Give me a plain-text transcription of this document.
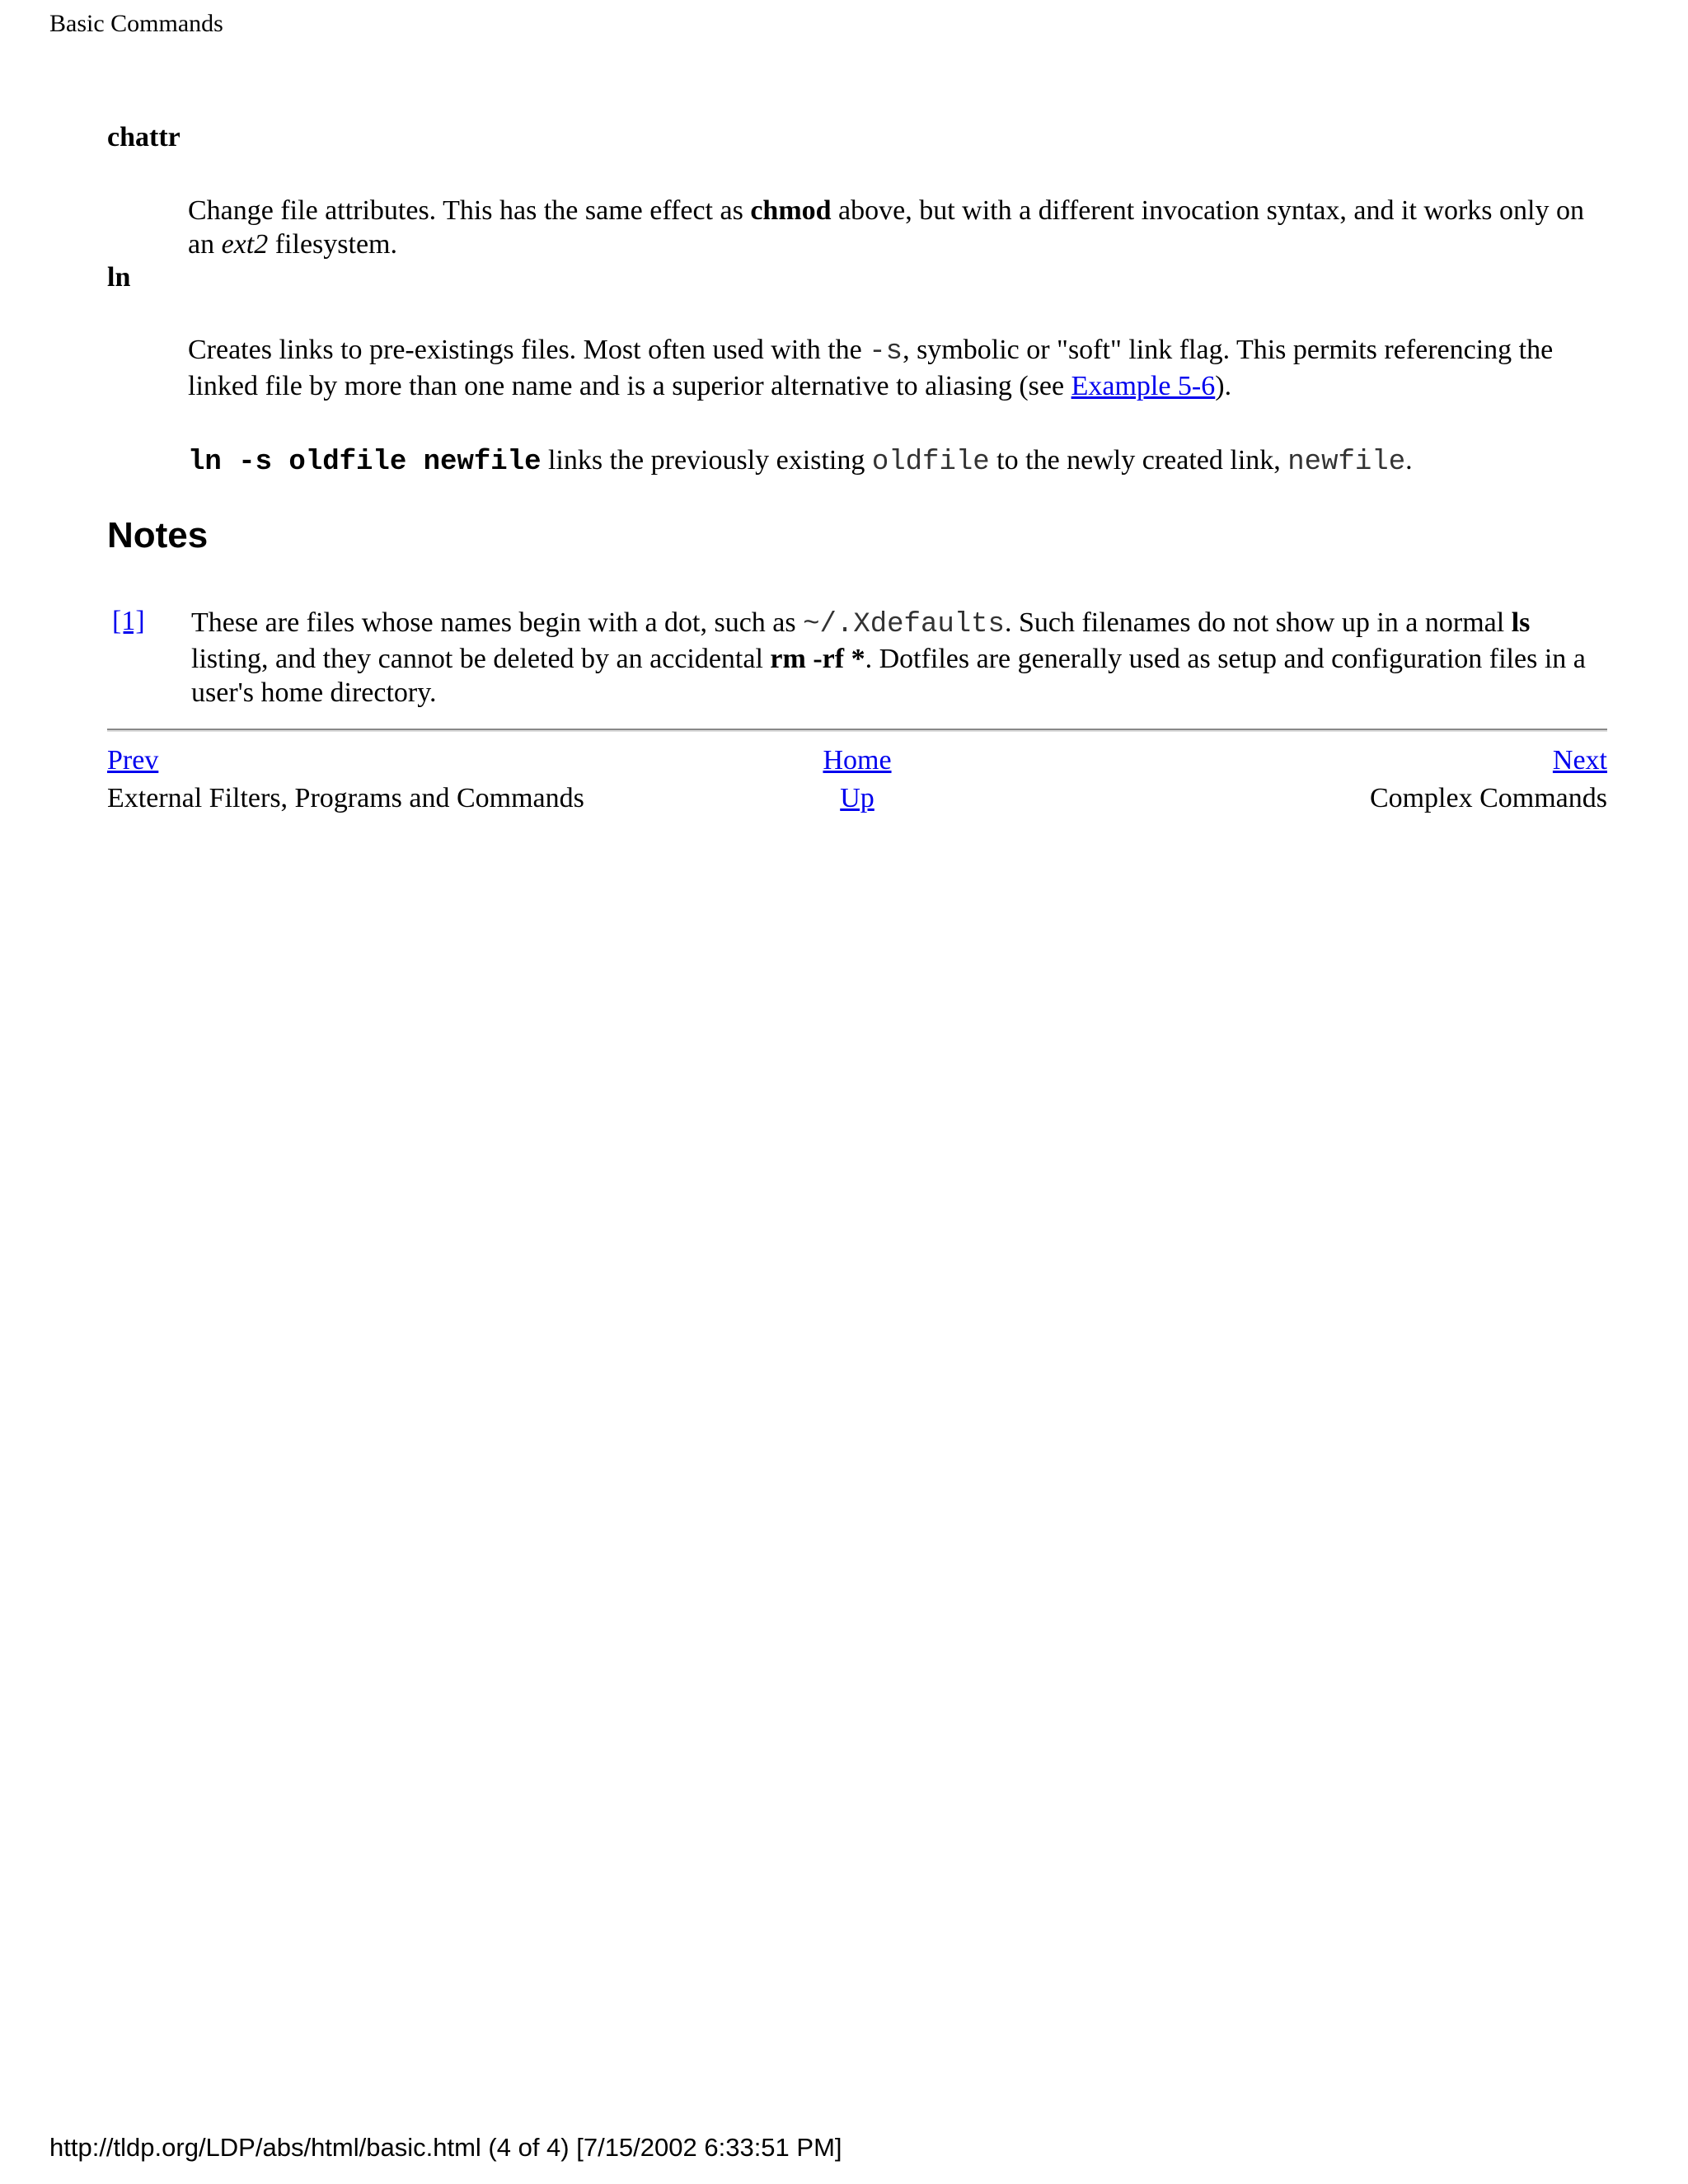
Basic Commands
chattr
Change file attributes. This has the same effect as chmod above, but with a different invocation syntax, and it works only on an ext2 filesystem.
ln
Creates links to pre-existings files. Most often used with the -s, symbolic or "soft" link flag. This permits referencing the linked file by more than one name and is a superior alternative to aliasing (see Example 5-6).
ln -s oldfile newfile links the previously existing oldfile to the newly created link, newfile.
Notes
[1] These are files whose names begin with a dot, such as ~/.Xdefaults. Such filenames do not show up in a normal ls listing, and they cannot be deleted by an accidental rm -rf *. Dotfiles are generally used as setup and configuration files in a user's home directory.
Prev	Home	Next
External Filters, Programs and Commands	Up	Complex Commands
http://tldp.org/LDP/abs/html/basic.html (4 of 4) [7/15/2002 6:33:51 PM]
